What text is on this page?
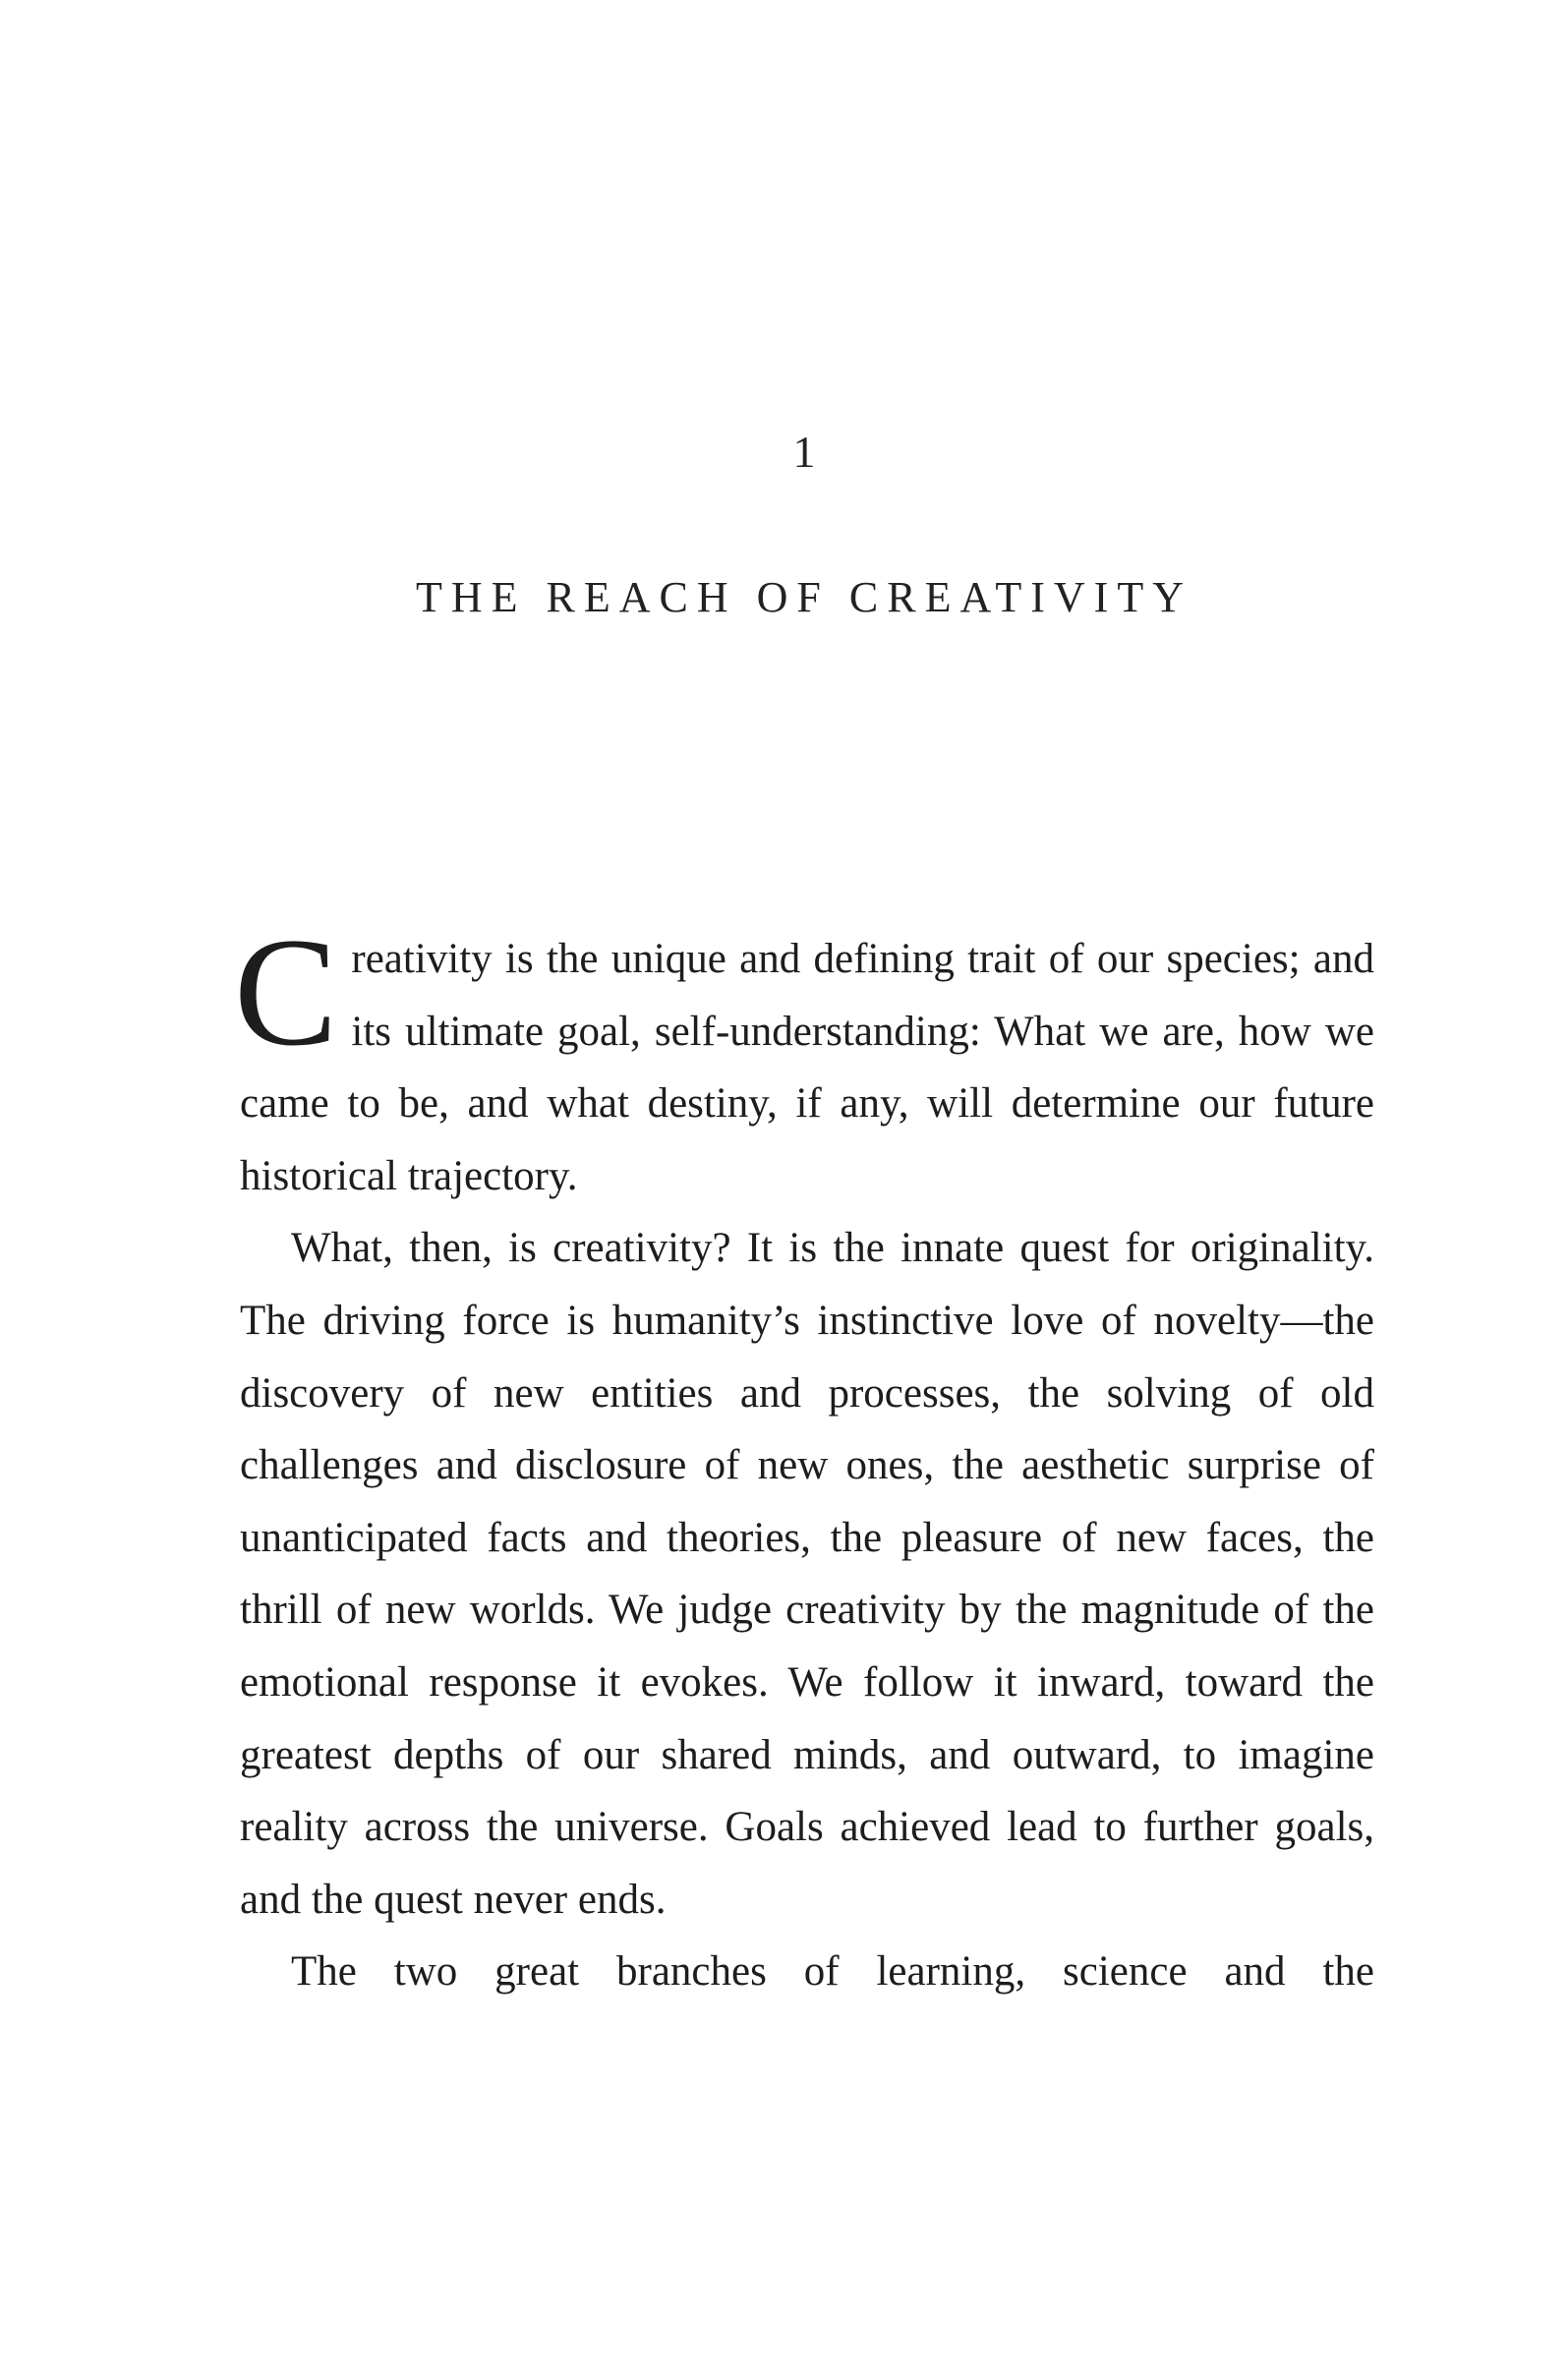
1
THE REACH OF CREATIVITY

Creativity is the unique and defining trait of our species; and its ultimate goal, self-understanding: What we are, how we came to be, and what destiny, if any, will determine our future historical trajectory.

What, then, is creativity? It is the innate quest for originality. The driving force is humanity’s instinctive love of novelty—the discovery of new entities and processes, the solving of old challenges and disclosure of new ones, the aesthetic surprise of unanticipated facts and theories, the pleasure of new faces, the thrill of new worlds. We judge creativity by the magnitude of the emotional response it evokes. We follow it inward, toward the greatest depths of our shared minds, and outward, to imagine reality across the universe. Goals achieved lead to further goals, and the quest never ends.

The two great branches of learning, science and the
